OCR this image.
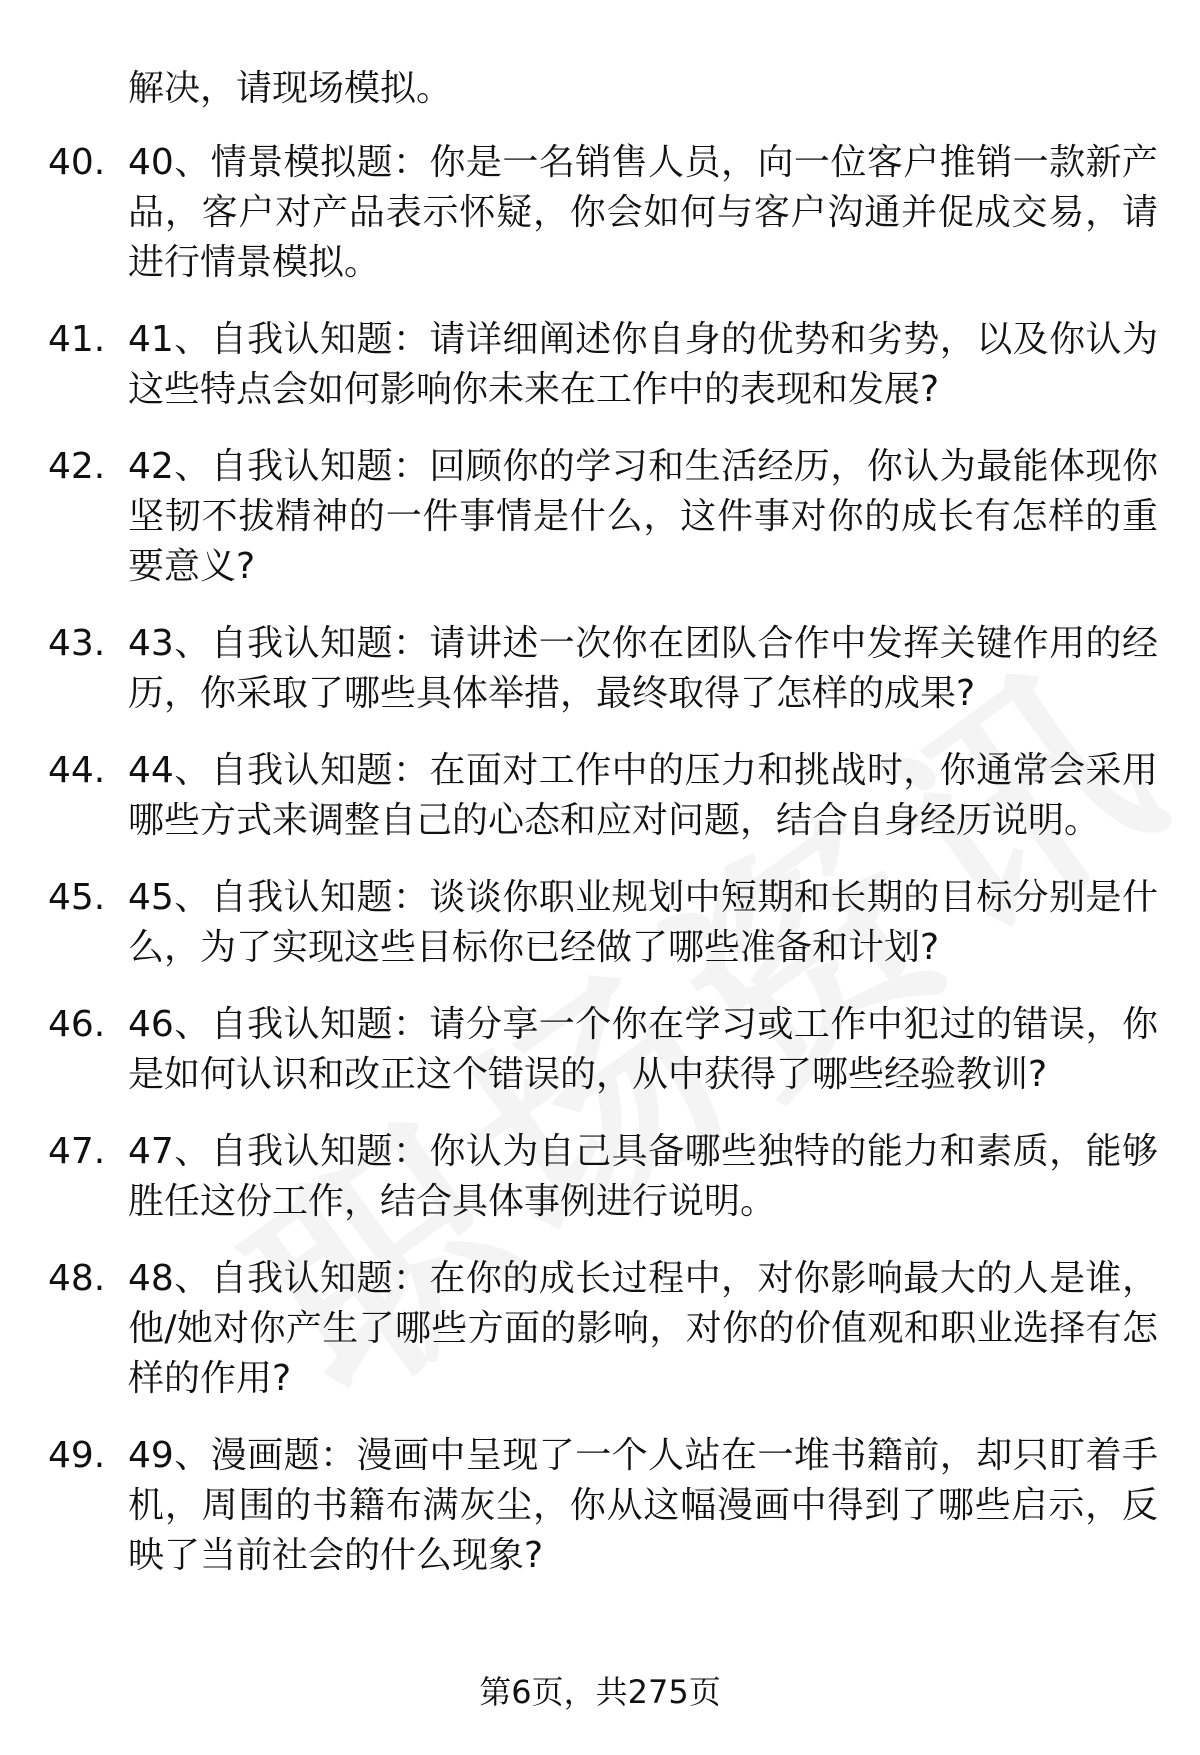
解决，请现场模拟。
40. 40、情景模拟题：你是一名销售人员，向一位客户推销一款新产品，客户对产品表示怀疑，你会如何与客户沟通并促成交易，请进行情景模拟。
41. 41、自我认知题：请详细阐述你自身的优势和劣势，以及你认为这些特点会如何影响你未来在工作中的表现和发展?
42. 42、自我认知题：回顾你的学习和生活经历，你认为最能体现你坚韧不拔精神的一件事情是什么，这件事对你的成长有怎样的重要意义?
43. 43、自我认知题：请讲述一次你在团队合作中发挥关键作用的经历，你采取了哪些具体举措，最终取得了怎样的成果?
44. 44、自我认知题：在面对工作中的压力和挑战时，你通常会采用哪些方式来调整自己的心态和应对问题，结合自身经历说明。
45. 45、自我认知题：谈谈你职业规划中短期和长期的目标分别是什么，为了实现这些目标你已经做了哪些准备和计划?
46. 46、自我认知题：请分享一个你在学习或工作中犯过的错误，你是如何认识和改正这个错误的，从中获得了哪些经验教训?
47. 47、自我认知题：你认为自己具备哪些独特的能力和素质，能够胜任这份工作，结合具体事例进行说明。
48. 48、自我认知题：在你的成长过程中，对你影响最大的人是谁，他/她对你产生了哪些方面的影响，对你的价值观和职业选择有怎样的作用?
49. 49、漫画题：漫画中呈现了一个人站在一堆书籍前，却只盯着手机，周围的书籍布满灰尘，你从这幅漫画中得到了哪些启示，反映了当前社会的什么现象?
第6页，共275页
